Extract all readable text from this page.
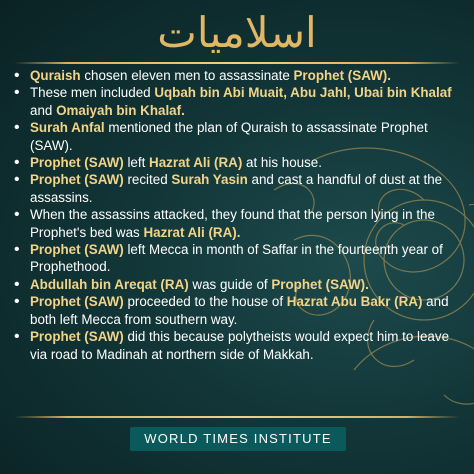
اسلامیات
• Quraish chosen eleven men to assassinate Prophet (SAW).
• These men included Uqbah bin Abi Muait, Abu Jahl, Ubai bin Khalaf and Omaiyah bin Khalaf.
• Surah Anfal mentioned the plan of Quraish to assassinate Prophet (SAW).
• Prophet (SAW) left Hazrat Ali (RA) at his house.
• Prophet (SAW) recited Surah Yasin and cast a handful of dust at the assassins.
• When the assassins attacked, they found that the person lying in the Prophet's bed was Hazrat Ali (RA).
• Prophet (SAW) left Mecca in month of Saffar in the fourteenth year of Prophethood.
• Abdullah bin Areqat (RA) was guide of Prophet (SAW).
• Prophet (SAW) proceeded to the house of Hazrat Abu Bakr (RA) and both left Mecca from southern way.
• Prophet (SAW) did this because polytheists would expect him to leave via road to Madinah at northern side of Makkah.
WORLD TIMES INSTITUTE
